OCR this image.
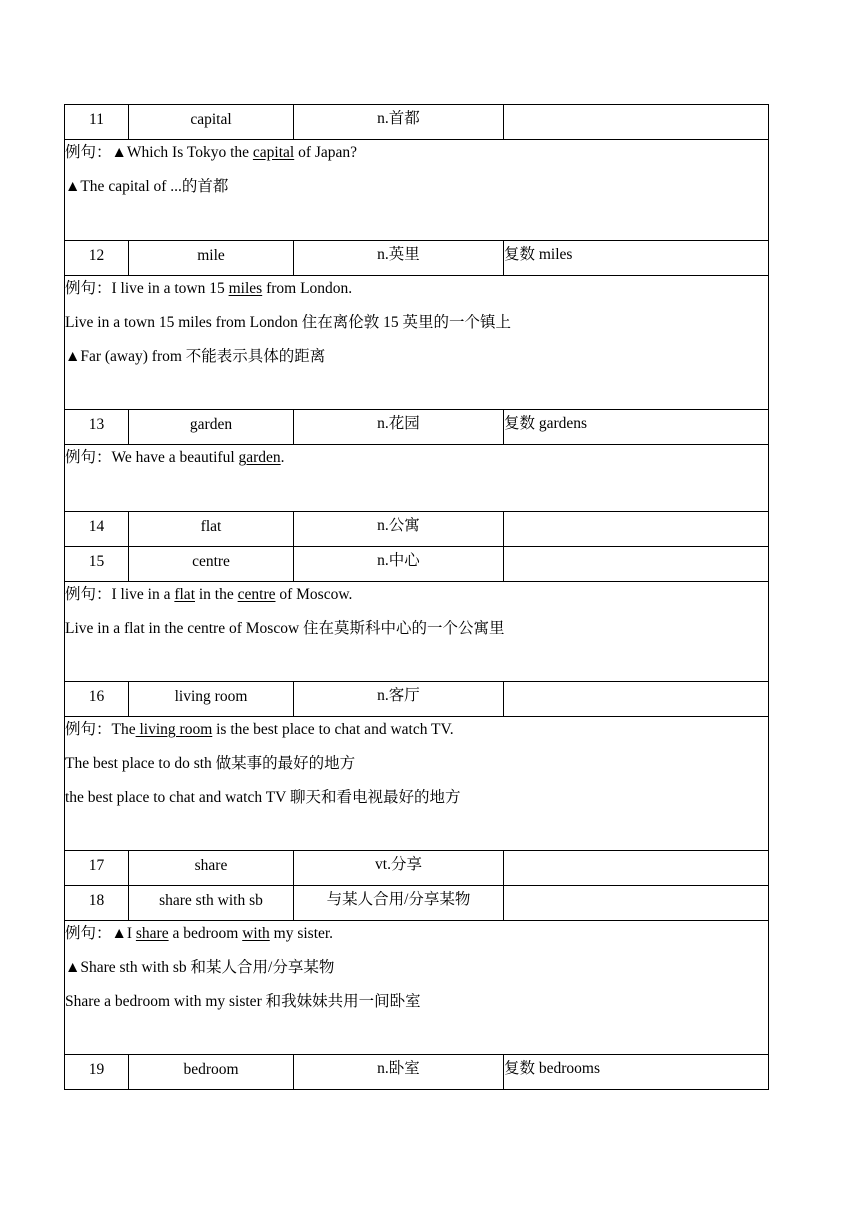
11	capital	n.首都	

例句：▲Which Is Tokyo the capital of Japan?
▲The capital of ...的首都			

12	mile	n.英里	复数 miles

例句：I live in a town 15 miles from London.
Live in a town 15 miles from London 住在离伦敦 15 英里的一个镇上
▲Far (away) from 不能表示具体的距离			

13	garden	n.花园	复数 gardens

例句：We have a beautiful garden.			

14	flat	n.公寓	

15	centre	n.中心	

例句：I live in a flat in the centre of Moscow.
Live in a flat in the centre of Moscow 住在莫斯科中心的一个公寓里			

16	living room	n.客厅	

例句：The living room is the best place to chat and watch TV.
The best place to do sth 做某事的最好的地方
the best place to chat and watch TV 聊天和看电视最好的地方			

17	share	vt.分享	

18	share sth with sb	与某人合用/分享某物	

例句：▲I share a bedroom with my sister.
▲Share sth with sb 和某人合用/分享某物
Share a bedroom with my sister 和我妹妹共用一间卧室			

19	bedroom	n.卧室	复数 bedrooms
